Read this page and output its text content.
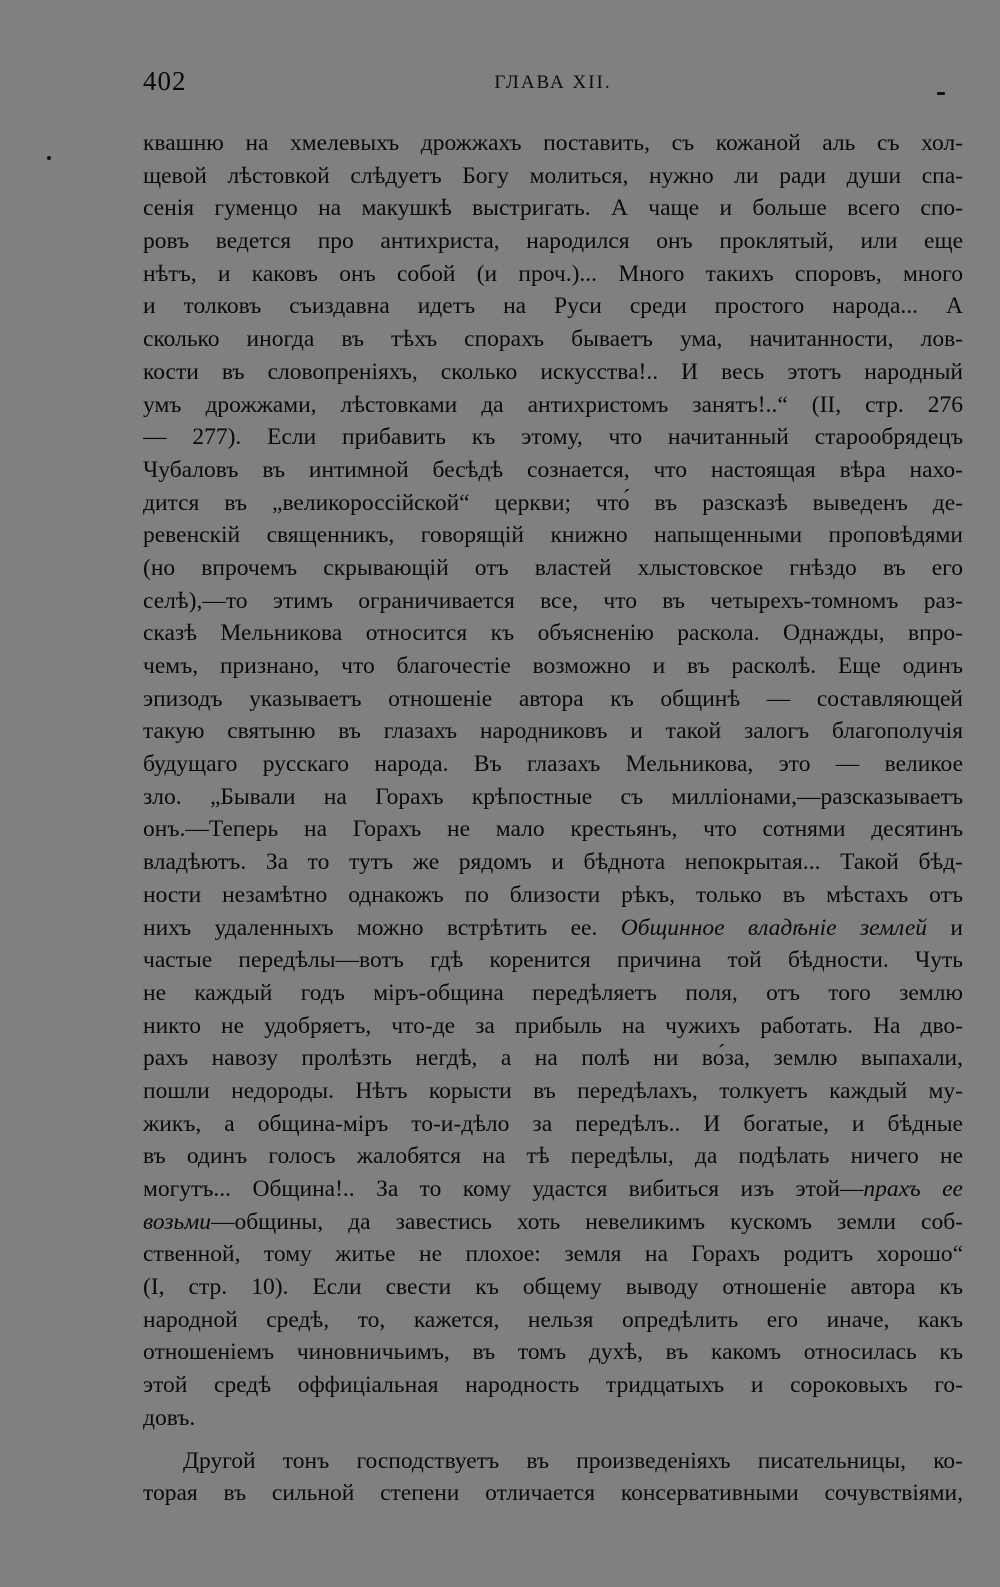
402	ГЛАВА XII.
квашню на хмелевыхъ дрожжахъ поставить, съ кожаной аль съ хол-
щевой лѣстовкой слѣдуетъ Богу молиться, нужно ли ради души спа-
сенія гуменцо на макушкѣ выстригать. А чаще и больше всего спо-
ровъ ведется про антихриста, народился онъ проклятый, или еще
нѣтъ, и каковъ онъ собой (и проч.)... Много такихъ споровъ, много
и толковъ съиздавна идетъ на Руси среди простого народа... А
сколько иногда въ тѣхъ спорахъ бываетъ ума, начитанности, лов-
кости въ словопреніяхъ, сколько искусства!.. И весь этотъ народный
умъ дрожжами, лѣстовками да антихристомъ занятъ!..“ (II, стр. 276
— 277). Если прибавить къ этому, что начитанный старообрядецъ
Чубаловъ въ интимной бесѣдѣ сознается, что настоящая вѣра нахо-
дится въ „великороссійской“ церкви; что́ въ разсказѣ выведенъ де-
ревенскій священникъ, говорящій книжно напыщенными проповѣдями
(но впрочемъ скрывающій отъ властей хлыстовское гнѣздо въ его
селѣ),—то этимъ ограничивается все, что въ четырехъ-томномъ раз-
сказѣ Мельникова относится къ объясненію раскола. Однажды, впро-
чемъ, признано, что благочестіе возможно и въ расколѣ. Еще одинъ
эпизодъ указываетъ отношеніе автора къ общинѣ — составляющей
такую святыню въ глазахъ народниковъ и такой залогъ благополучія
будущаго русскаго народа. Въ глазахъ Мельникова, это — великое
зло. „Бывали на Горахъ крѣпостные съ милліонами,—разсказываетъ
онъ.—Теперь на Горахъ не мало крестьянъ, что сотнями десятинъ
владѣютъ. За то тутъ же рядомъ и бѣднота непокрытая... Такой бѣд-
ности незамѣтно однакожъ по близости рѣкъ, только въ мѣстахъ отъ
нихъ удаленныхъ можно встрѣтить ее. Общинное владѣніе землей и
частые передѣлы—вотъ гдѣ коренится причина той бѣдности. Чуть
не каждый годъ міръ-община передѣляетъ поля, отъ того землю
никто не удобряетъ, что-де за прибыль на чужихъ работать. На дво-
рахъ навозу пролѣзть негдѣ, а на полѣ ни во́за, землю выпахали,
пошли недороды. Нѣтъ корысти въ передѣлахъ, толкуетъ каждый му-
жикъ, а община-міръ то-и-дѣло за передѣлъ.. И богатые, и бѣдные
въ одинъ голосъ жалобятся на тѣ передѣлы, да подѣлать ничего не
могутъ... Община!.. За то кому удастся вибиться изъ этой—прахъ ее
возьми—общины, да завестись хоть невеликимъ кускомъ земли соб-
ственной, тому житье не плохое: земля на Горахъ родитъ хорошо“
(I, стр. 10). Если свести къ общему выводу отношеніе автора къ
народной средѣ, то, кажется, нельзя опредѣлить его иначе, какъ
отношеніемъ чиновничьимъ, въ томъ духѣ, въ какомъ относилась къ
этой средѣ оффиціальная народность тридцатыхъ и сороковыхъ го-
довъ.
Другой тонъ господствуетъ въ произведеніяхъ писательницы, ко-
торая въ сильной степени отличается консервативными сочувствіями,
